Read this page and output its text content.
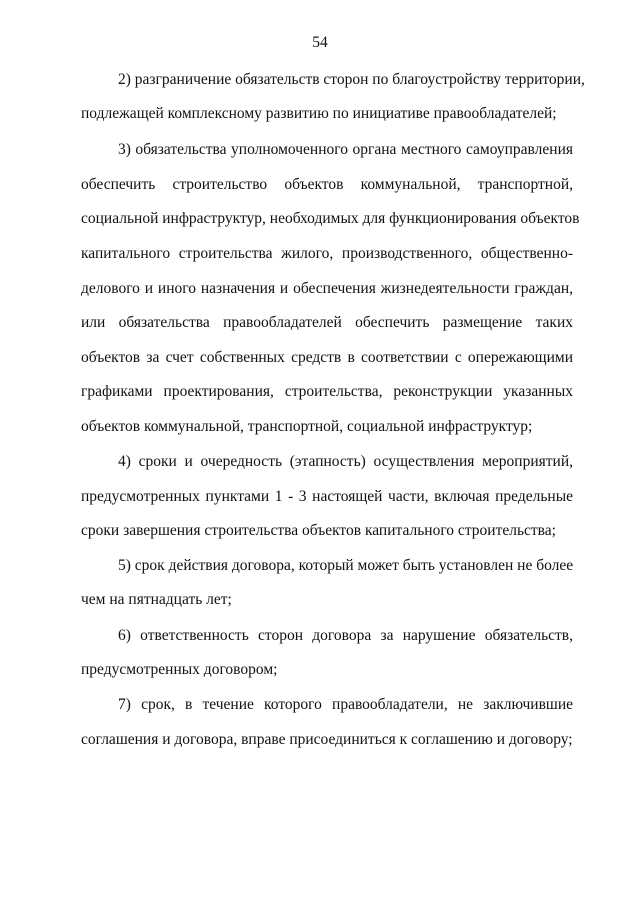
54
2) разграничение обязательств сторон по благоустройству территории,
подлежащей комплексному развитию по инициативе правообладателей;
3) обязательства уполномоченного органа местного самоуправления
обеспечить строительство объектов коммунальной, транспортной,
социальной инфраструктур, необходимых для функционирования объектов
капитального строительства жилого, производственного, общественно-
делового и иного назначения и обеспечения жизнедеятельности граждан,
или обязательства правообладателей обеспечить размещение таких
объектов за счет собственных средств в соответствии с опережающими
графиками проектирования, строительства, реконструкции указанных
объектов коммунальной, транспортной, социальной инфраструктур;
4) сроки и очередность (этапность) осуществления мероприятий,
предусмотренных пунктами 1 - 3 настоящей части, включая предельные
сроки завершения строительства объектов капитального строительства;
5) срок действия договора, который может быть установлен не более
чем на пятнадцать лет;
6) ответственность сторон договора за нарушение обязательств,
предусмотренных договором;
7) срок, в течение которого правообладатели, не заключившие
соглашения и договора, вправе присоединиться к соглашению и договору;
